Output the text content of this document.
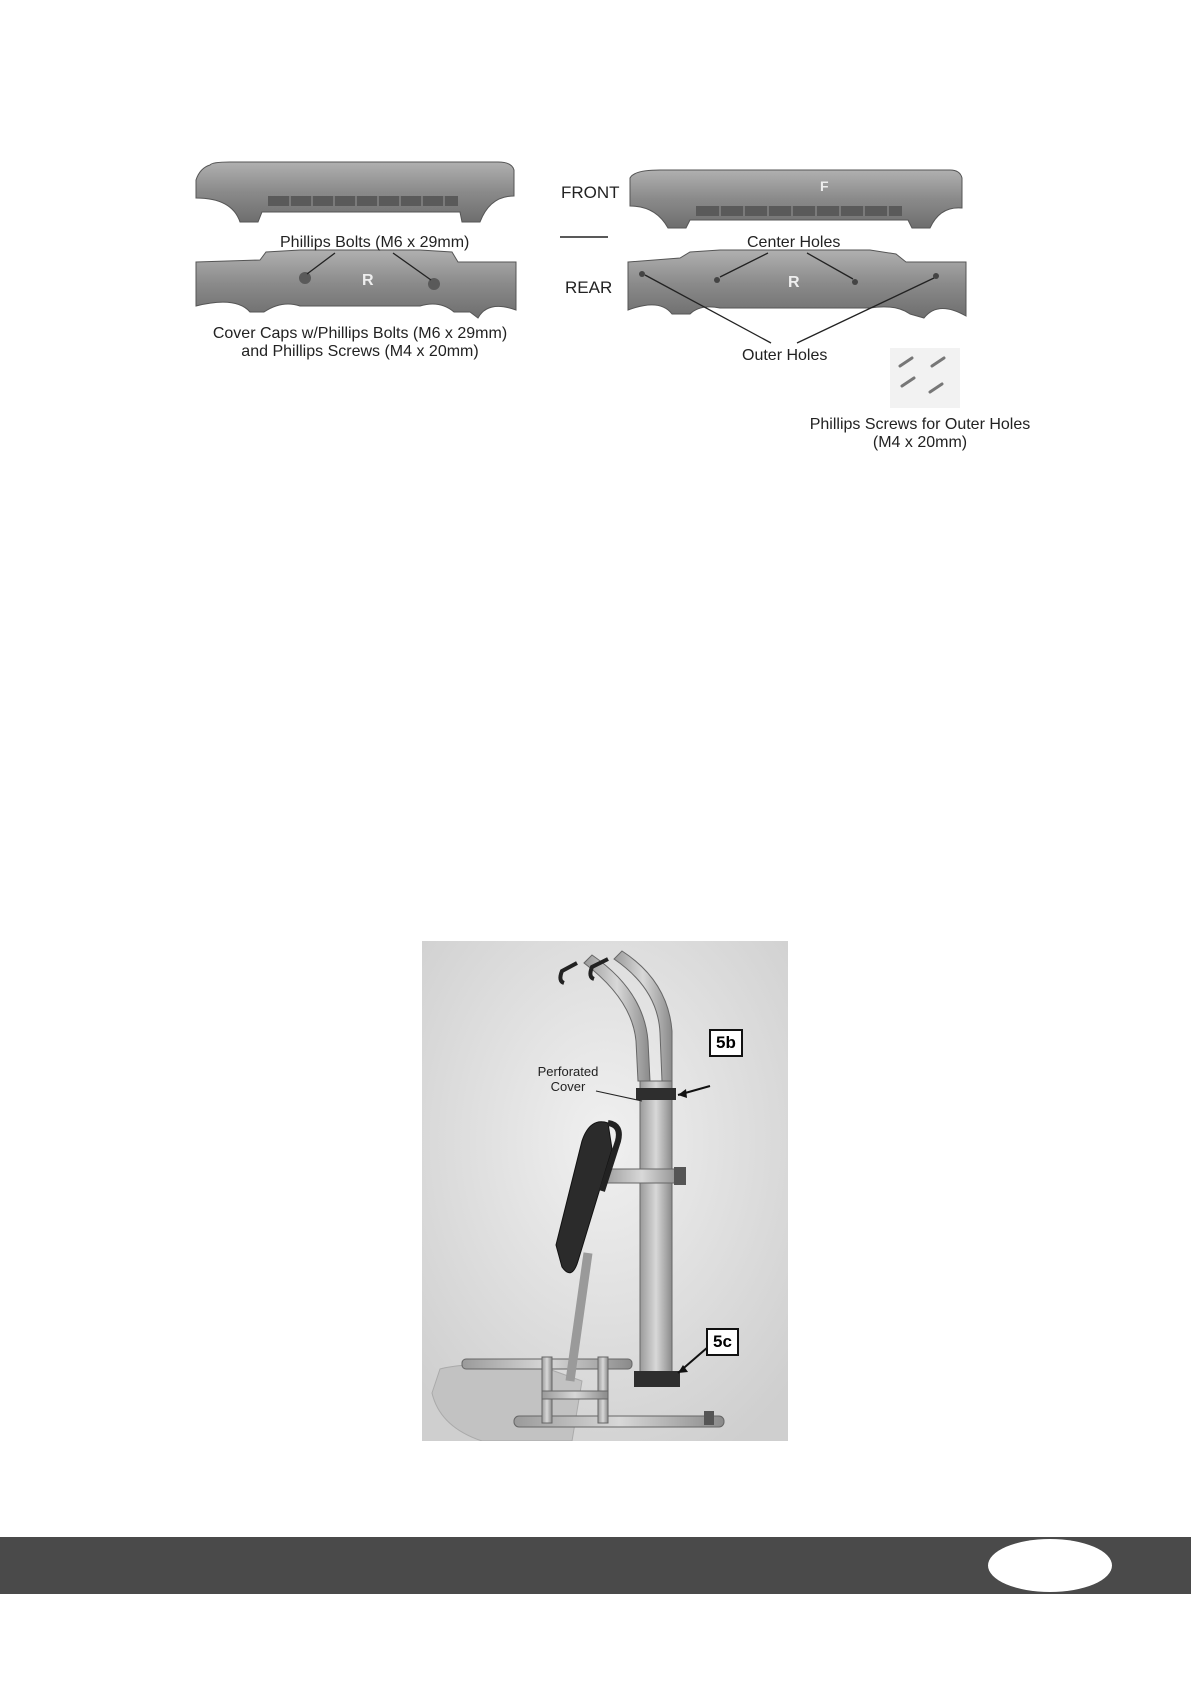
FRONT
REAR
F
R	R
Phillips Bolts (M6 x 29mm)	Center Holes
Outer Holes
Cover Caps w/Phillips Bolts (M6 x 29mm)
and Phillips Screws (M4 x 20mm)
Phillips Screws for Outer Holes
(M4 x 20mm)
Perforated
Cover
5b
5c
